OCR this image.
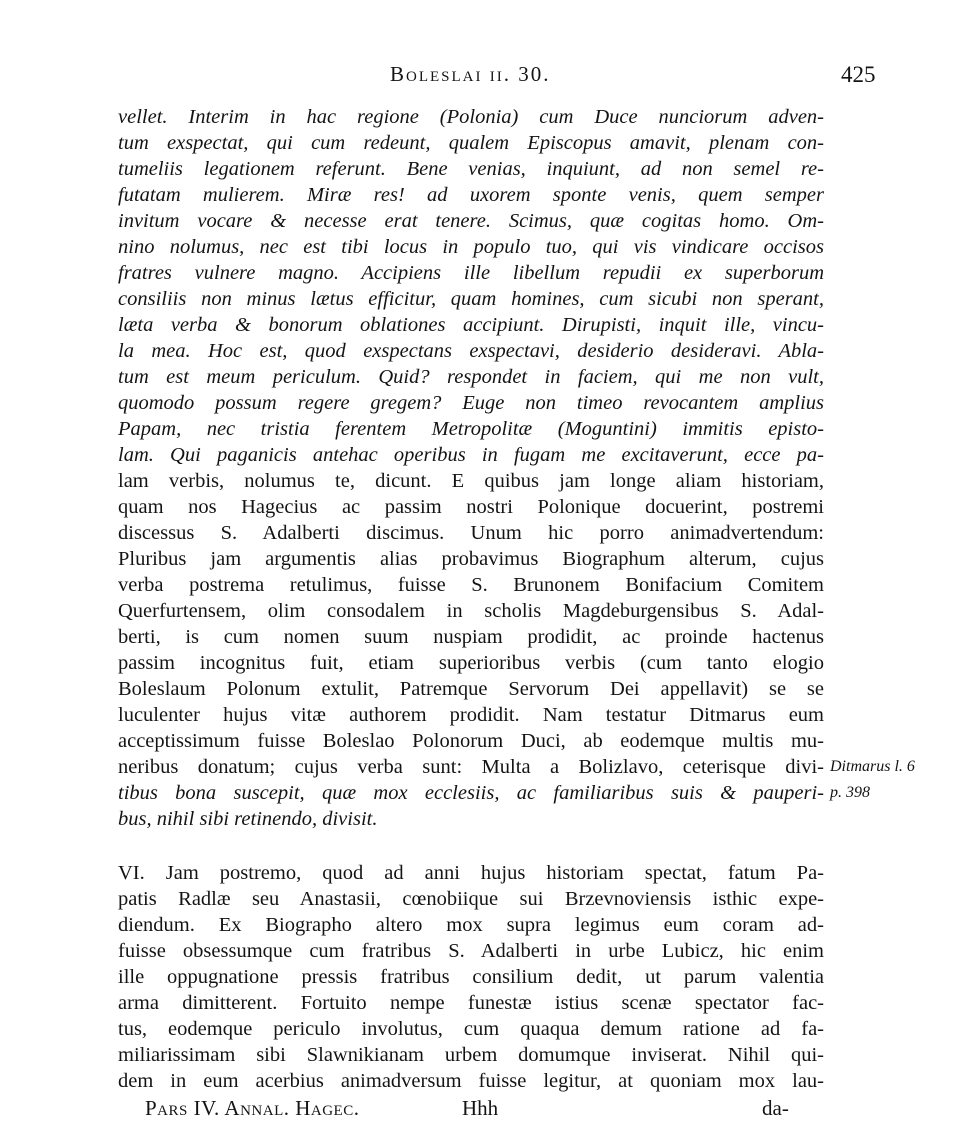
Boleslai ii. 30.	425

vellet. Interim in hac regione (Polonia) cum Duce nunciorum adven-

tum exspectat, qui cum redeunt, qualem Episcopus amavit, plenam con-

tumeliis legationem referunt. Bene venias, inquiunt, ad non semel re-

futatam mulierem. Miræ res! ad uxorem sponte venis, quem semper

invitum vocare & necesse erat tenere. Scimus, quæ cogitas homo. Om-

nino nolumus, nec est tibi locus in populo tuo, qui vis vindicare occisos

fratres vulnere magno. Accipiens ille libellum repudii ex superborum

consiliis non minus lætus efficitur, quam homines, cum sicubi non sperant,

læta verba & bonorum oblationes accipiunt. Dirupisti, inquit ille, vincu-

la mea. Hoc est, quod exspectans exspectavi, desiderio desideravi. Abla-

tum est meum periculum. Quid? respondet in faciem, qui me non vult,

quomodo possum regere gregem? Euge non timeo revocantem amplius

Papam, nec tristia ferentem Metropolitæ (Moguntini) immitis episto-

lam. Qui paganicis antehac operibus in fugam me excitaverunt, ecce pa-

lam verbis, nolumus te, dicunt. E quibus jam longe aliam historiam,

quam nos Hagecius ac passim nostri Polonique docuerint, postremi

discessus S. Adalberti discimus. Unum hic porro animadvertendum:

Pluribus jam argumentis alias probavimus Biographum alterum, cujus

verba postrema retulimus, fuisse S. Brunonem Bonifacium Comitem

Querfurtensem, olim consodalem in scholis Magdeburgensibus S. Adal-

berti, is cum nomen suum nuspiam prodidit, ac proinde hactenus

passim incognitus fuit, etiam superioribus verbis (cum tanto elogio

Boleslaum Polonum extulit, Patremque Servorum Dei appellavit) se se

luculenter hujus vitæ authorem prodidit. Nam testatur Ditmarus eum

acceptissimum fuisse Boleslao Polonorum Duci, ab eodemque multis mu-

neribus donatum; cujus verba sunt: Multa a Bolizlavo, ceterisque divi-

tibus bona suscepit, quæ mox ecclesiis, ac familiaribus suis & pauperi-

bus, nihil sibi retinendo, divisit.

Ditmarus l. 6
p. 398

VI. Jam postremo, quod ad anni hujus historiam spectat, fatum Pa-

patis Radlæ seu Anastasii, cœnobiique sui Brzevnoviensis isthic expe-

diendum. Ex Biographo altero mox supra legimus eum coram ad-

fuisse obsessumque cum fratribus S. Adalberti in urbe Lubicz, hic enim

ille oppugnatione pressis fratribus consilium dedit, ut parum valentia

arma dimitterent. Fortuito nempe funestæ istius scenæ spectator fac-

tus, eodemque periculo involutus, cum quaqua demum ratione ad fa-

miliarissimam sibi Slawnikianam urbem domumque inviserat. Nihil qui-

dem in eum acerbius animadversum fuisse legitur, at quoniam mox lau-

Pars IV. Annal. Hagec.	Hhh	da-
